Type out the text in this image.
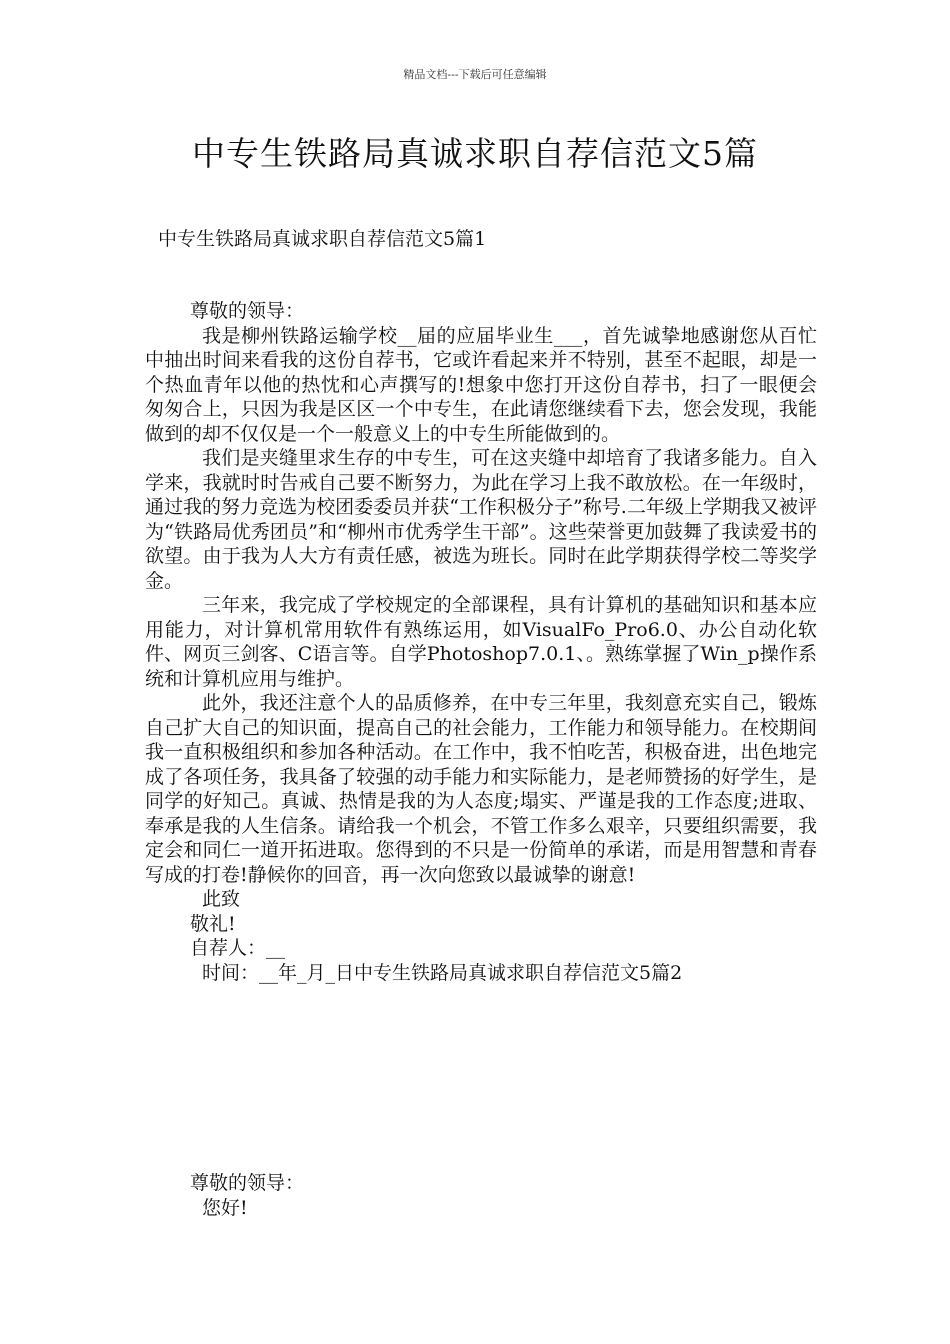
精品文档---下载后可任意编辑
中专生铁路局真诚求职自荐信范文5篇
中专生铁路局真诚求职自荐信范文5篇1

尊敬的领导：

我是柳州铁路运输学校__届的应届毕业生___，首先诚挚地感谢您从百忙中抽出时间来看我的这份自荐书，它或许看起来并不特别，甚至不起眼，却是一个热血青年以他的热忱和心声撰写的!想象中您打开这份自荐书，扫了一眼便会匆匆合上，只因为我是区区一个中专生，在此请您继续看下去，您会发现，我能做到的却不仅仅是一个一般意义上的中专生所能做到的。

我们是夹缝里求生存的中专生，可在这夹缝中却培育了我诸多能力。自入学来，我就时时告戒自己要不断努力，为此在学习上我不敢放松。在一年级时，通过我的努力竞选为校团委委员并获“工作积极分子”称号.二年级上学期我又被评为“铁路局优秀团员”和“柳州市优秀学生干部”。这些荣誉更加鼓舞了我读爱书的欲望。由于我为人大方有责任感，被选为班长。同时在此学期获得学校二等奖学金。

三年来，我完成了学校规定的全部课程，具有计算机的基础知识和基本应用能力，对计算机常用软件有熟练运用，如VisualFo_Pro6.0、办公自动化软件、网页三剑客、C语言等。自学Photoshop7.0.1、。熟练掌握了Win_p操作系统和计算机应用与维护。

此外，我还注意个人的品质修养，在中专三年里，我刻意充实自己，锻炼自己扩大自己的知识面，提高自己的社会能力，工作能力和领导能力。在校期间我一直积极组织和参加各种活动。在工作中，我不怕吃苦，积极奋进，出色地完成了各项任务，我具备了较强的动手能力和实际能力，是老师赞扬的好学生，是同学的好知己。真诚、热情是我的为人态度;塌实、严谨是我的工作态度;进取、奉承是我的人生信条。请给我一个机会，不管工作多么艰辛，只要组织需要，我定会和同仁一道开拓进取。您得到的不只是一份简单的承诺，而是用智慧和青春写成的打卷!静候你的回音，再一次向您致以最诚挚的谢意!

此致

敬礼!

自荐人：__

时间：__年_月_日中专生铁路局真诚求职自荐信范文5篇2

尊敬的领导：

您好!
